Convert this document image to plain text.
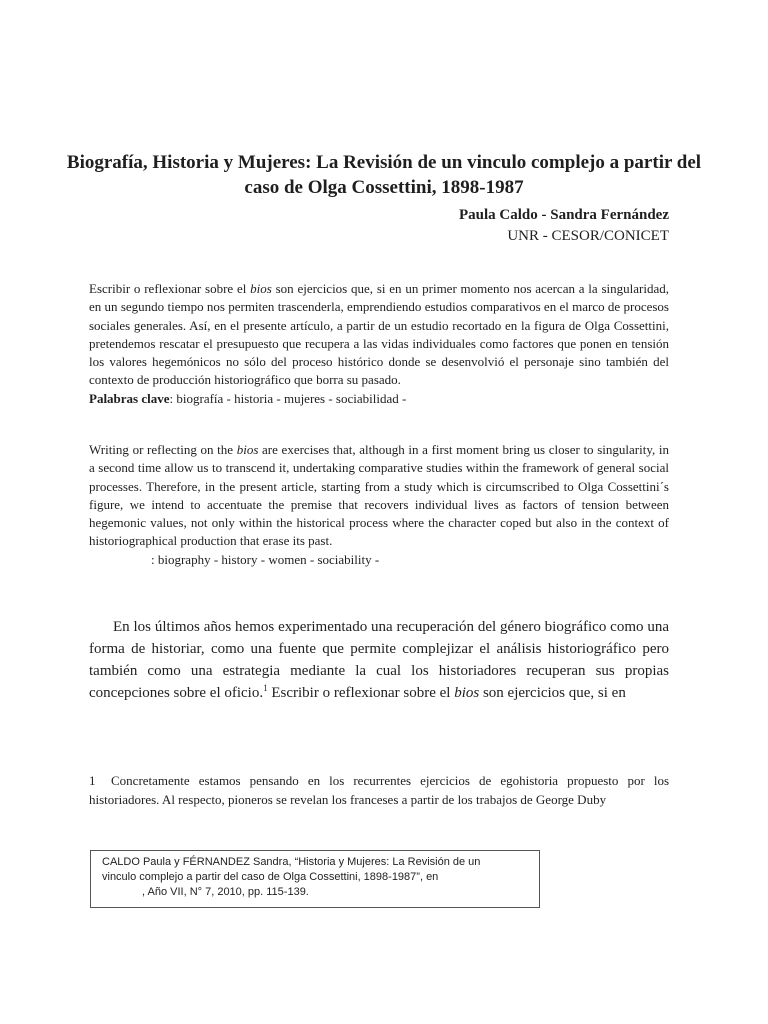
Biografía, Historia y Mujeres: La Revisión de un vinculo complejo a partir del caso de Olga Cossettini, 1898-1987
Paula Caldo - Sandra Fernández
UNR - CESOR/CONICET

Escribir o reflexionar sobre el bios son ejercicios que, si en un primer momento nos acercan a la singularidad, en un segundo tiempo nos permiten trascenderla, emprendiendo estudios comparativos en el marco de procesos sociales generales. Así, en el presente artículo, a partir de un estudio recortado en la figura de Olga Cossettini, pretendemos rescatar el presupuesto que recupera a las vidas individuales como factores que ponen en tensión los valores hegemónicos no sólo del proceso histórico donde se desenvolvió el personaje sino también del contexto de producción historiográfico que borra su pasado.

Palabras clave: biografía - historia - mujeres - sociabilidad -

Writing or reflecting on the bios are exercises that, although in a first moment bring us closer to singularity, in a second time allow us to transcend it, undertaking comparative studies within the framework of general social processes. Therefore, in the present article, starting from a study which is circumscribed to Olga Cossettini´s figure, we intend to accentuate the premise that recovers individual lives as factors of tension between hegemonic values, not only within the historical process where the character coped but also in the context of historiographical production that erase its past.

: biography - history - women - sociability -

En los últimos años hemos experimentado una recuperación del género biográfico como una forma de historiar, como una fuente que permite complejizar el análisis historiográfico pero también como una estrategia mediante la cual los historiadores recuperan sus propias concepciones sobre el oficio.$^1$ Escribir o reflexionar sobre el bios son ejercicios que, si en

1 Concretamente estamos pensando en los recurrentes ejercicios de egohistoria propuesto por los historiadores. Al respecto, pioneros se revelan los franceses a partir de los trabajos de George Duby

CALDO Paula y FÉRNANDEZ Sandra, “Historia y Mujeres: La Revisión de un
vinculo complejo a partir del caso de Olga Cossettini, 1898-1987”, en
, Año VII, N° 7, 2010, pp. 115-139.
